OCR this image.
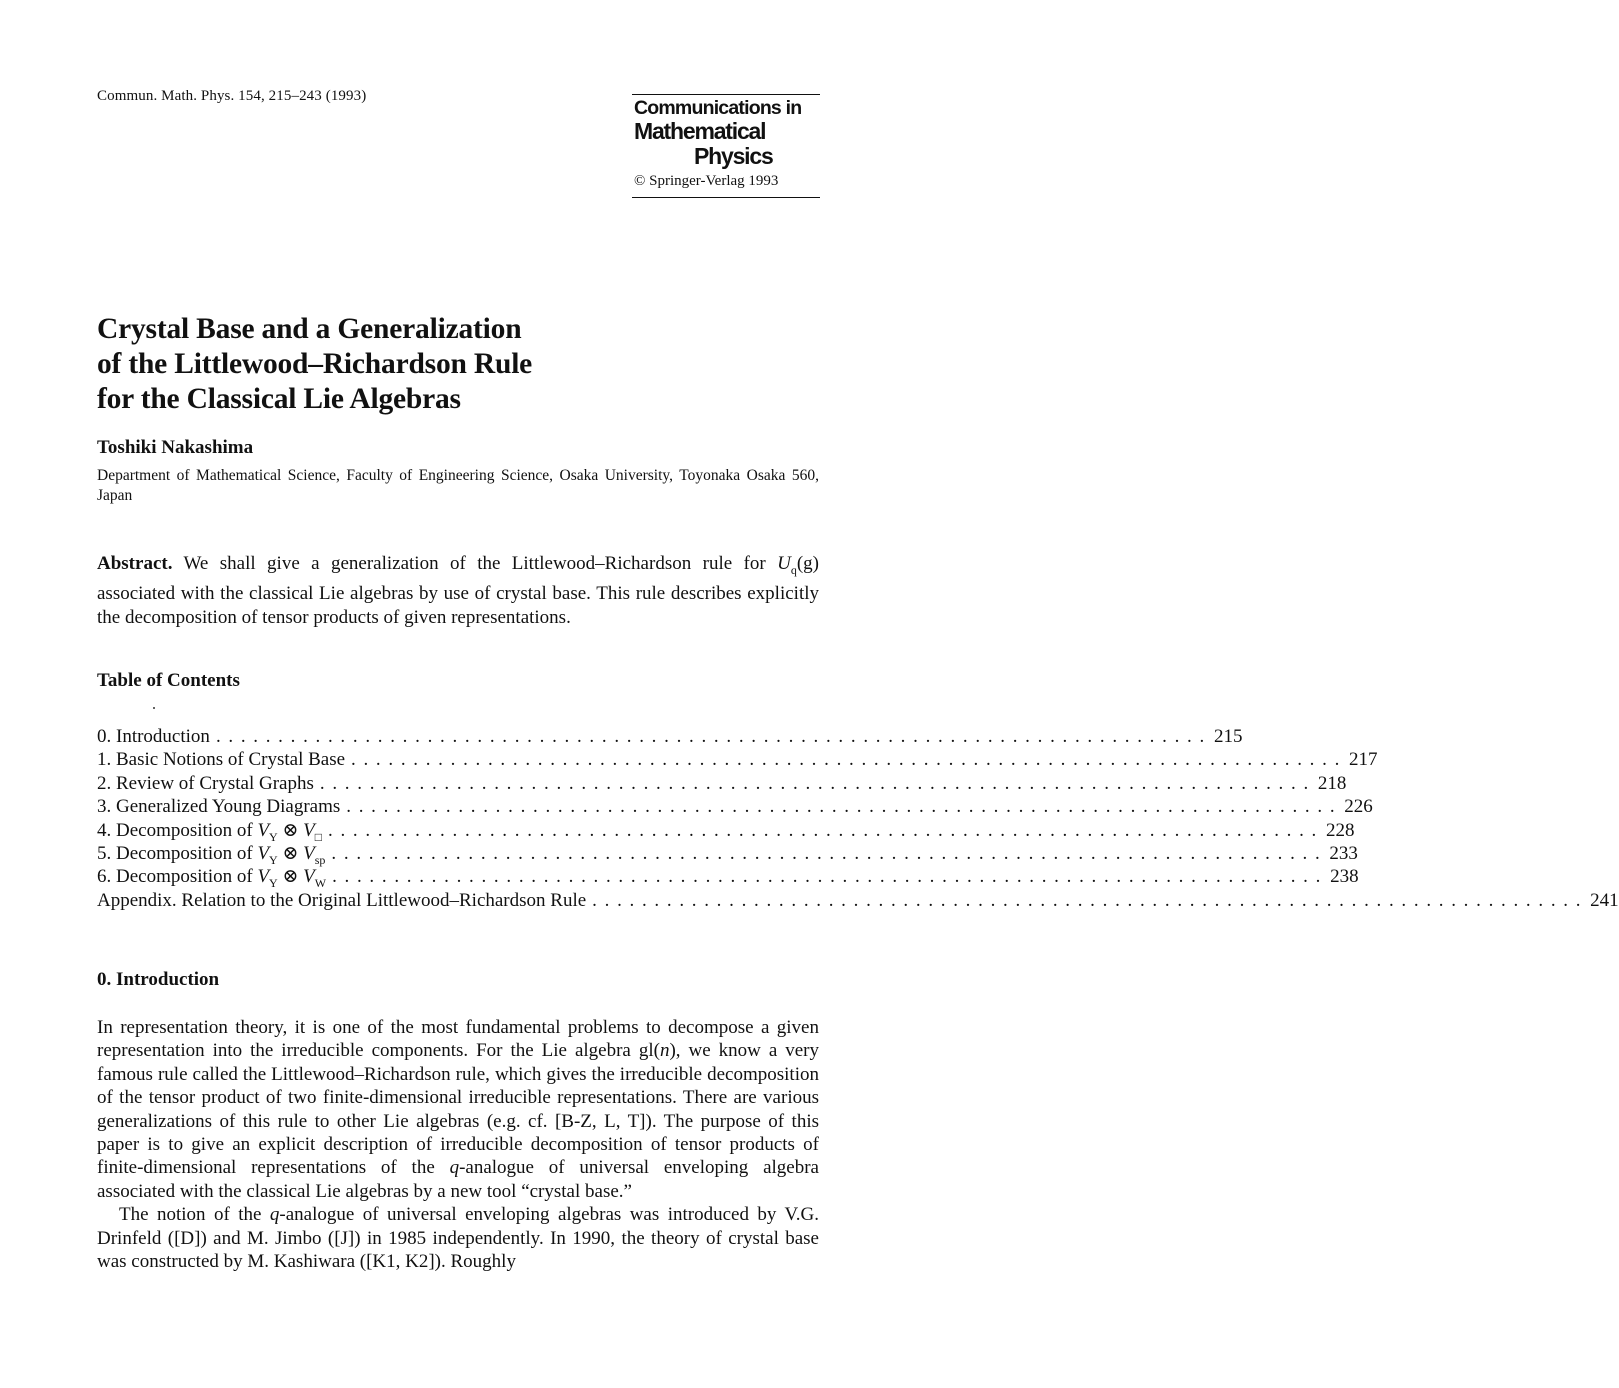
Commun. Math. Phys. 154, 215–243 (1993)
Communications in
Mathematical
Physics
© Springer-Verlag 1993
Crystal Base and a Generalization
of the Littlewood–Richardson Rule
for the Classical Lie Algebras
Toshiki Nakashima
Department of Mathematical Science, Faculty of Engineering Science, Osaka University, Toyonaka Osaka 560, Japan
Abstract. We shall give a generalization of the Littlewood–Richardson rule for $U_q(g)$ associated with the classical Lie algebras by use of crystal base. This rule describes explicitly the decomposition of tensor products of given representations.
Table of Contents
0. Introduction ................................................................................ 215
1. Basic Notions of Crystal Base ................................................................................ 217
2. Review of Crystal Graphs ................................................................................ 218
3. Generalized Young Diagrams ................................................................................ 226
4. Decomposition of $V_Y$ ⊗ $V_□$ ................................................................................ 228
5. Decomposition of $V_Y$ ⊗ $V_{sp}$ ................................................................................ 233
6. Decomposition of $V_Y$ ⊗ $V_W$ ................................................................................ 238
Appendix. Relation to the Original Littlewood–Richardson Rule ................................................................................ 241
0. Introduction

In representation theory, it is one of the most fundamental problems to decompose a given representation into the irreducible components. For the Lie algebra gl(n), we know a very famous rule called the Littlewood–Richardson rule, which gives the irreducible decomposition of the tensor product of two finite-dimensional irreducible representations. There are various generalizations of this rule to other Lie algebras (e.g. cf. [B-Z, L, T]). The purpose of this paper is to give an explicit description of irreducible decomposition of tensor products of finite-dimensional representations of the q-analogue of universal enveloping algebra associated with the classical Lie algebras by a new tool “crystal base.”

The notion of the q-analogue of universal enveloping algebras was introduced by V.G. Drinfeld ([D]) and M. Jimbo ([J]) in 1985 independently. In 1990, the theory of crystal base was constructed by M. Kashiwara ([K1, K2]). Roughly
